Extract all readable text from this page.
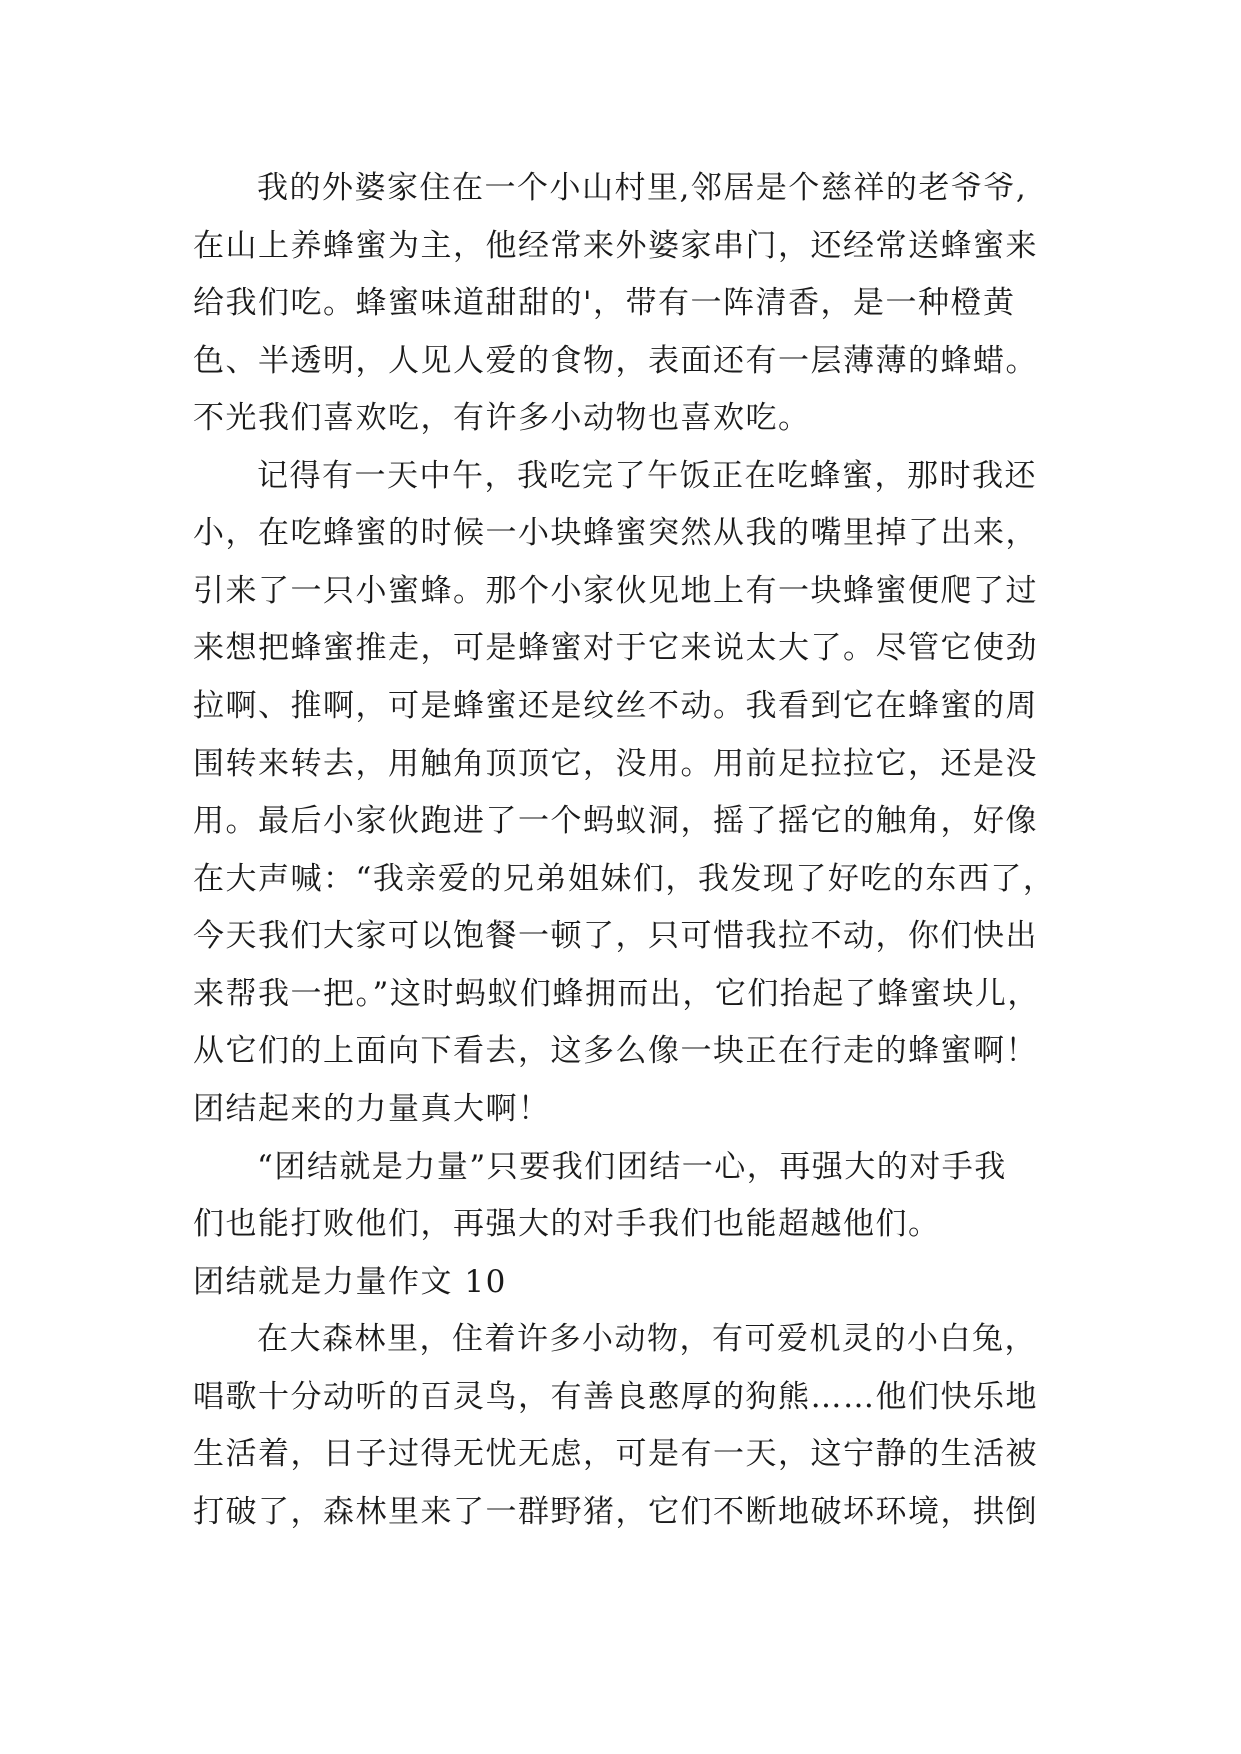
我的外婆家住在一个小山村里,邻居是个慈祥的老爷爷,
在山上养蜂蜜为主，他经常来外婆家串门，还经常送蜂蜜来
给我们吃。蜂蜜味道甜甜的'，带有一阵清香，是一种橙黄
色、半透明，人见人爱的食物，表面还有一层薄薄的蜂蜡。
不光我们喜欢吃，有许多小动物也喜欢吃。
记得有一天中午，我吃完了午饭正在吃蜂蜜，那时我还
小，在吃蜂蜜的时候一小块蜂蜜突然从我的嘴里掉了出来，
引来了一只小蜜蜂。那个小家伙见地上有一块蜂蜜便爬了过
来想把蜂蜜推走，可是蜂蜜对于它来说太大了。尽管它使劲
拉啊、推啊，可是蜂蜜还是纹丝不动。我看到它在蜂蜜的周
围转来转去，用触角顶顶它，没用。用前足拉拉它，还是没
用。最后小家伙跑进了一个蚂蚁洞，摇了摇它的触角，好像
在大声喊：“我亲爱的兄弟姐妹们，我发现了好吃的东西了，
今天我们大家可以饱餐一顿了，只可惜我拉不动，你们快出
来帮我一把。”这时蚂蚁们蜂拥而出，它们抬起了蜂蜜块儿，
从它们的上面向下看去，这多么像一块正在行走的蜂蜜啊！
团结起来的力量真大啊！
“团结就是力量”只要我们团结一心，再强大的对手我
们也能打败他们，再强大的对手我们也能超越他们。
团结就是力量作文 10
在大森林里，住着许多小动物，有可爱机灵的小白兔，
唱歌十分动听的百灵鸟，有善良憨厚的狗熊……他们快乐地
生活着，日子过得无忧无虑，可是有一天，这宁静的生活被
打破了，森林里来了一群野猪，它们不断地破坏环境，拱倒
